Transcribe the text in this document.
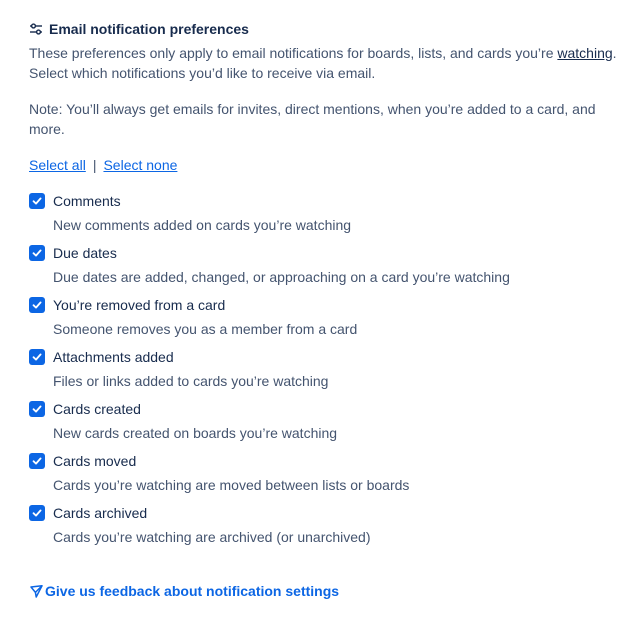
Email notification preferences
These preferences only apply to email notifications for boards, lists, and cards you’re watching. Select which notifications you’d like to receive via email.
Note: You’ll always get emails for invites, direct mentions, when you’re added to a card, and more.
Select all | Select none
Comments
New comments added on cards you’re watching
Due dates
Due dates are added, changed, or approaching on a card you’re watching
You’re removed from a card
Someone removes you as a member from a card
Attachments added
Files or links added to cards you’re watching
Cards created
New cards created on boards you’re watching
Cards moved
Cards you’re watching are moved between lists or boards
Cards archived
Cards you’re watching are archived (or unarchived)
Give us feedback about notification settings
